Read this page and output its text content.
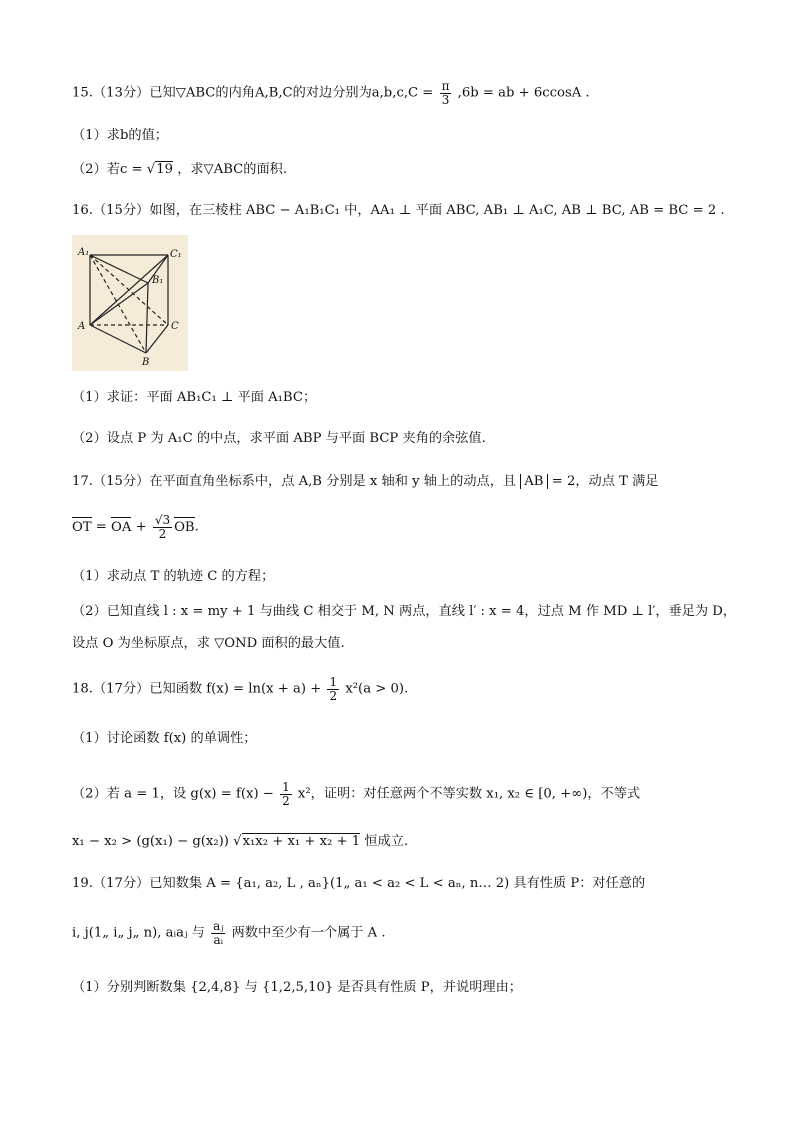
15.（13分）已知▽ABC的内角A,B,C的对边分别为$a,b,c,C = \frac{\pi}{3} ,6b$ = ab + 6ccosA .
（1）求b的值；
（2）若c = √19 ，求▽ABC的面积.
16.（15分）如图，在三棱柱 ABC − A₁B₁C₁ 中，AA₁ ⊥ 平面 ABC, AB₁ ⊥ A₁C, AB ⊥ BC, AB = BC = 2 .
A₁	C₁
B₁
A	C
B
（1）求证：平面 AB₁C₁ ⊥ 平面 A₁BC；
（2）设点 P 为 A₁C 的中点，求平面 ABP 与平面 BCP 夹角的余弦值.
17.（15分）在平面直角坐标系中，点 A,B 分别是 x 轴和 y 轴上的动点，且 AB = 2，动点 T 满足
OT = OA + $\frac{√3}{2}$ OB.
（1）求动点 T 的轨迹 C 的方程；
（2）已知直线 l : x = my + 1 与曲线 C 相交于 M, N 两点，直线 l′ : x = 4，过点 M 作 MD ⊥ l′，垂足为 D，
设点 O 为坐标原点，求 ▽OND 面积的最大值.
18.（17分）已知函数 $f(x) = \ln(x + a) + \frac{1}{2} x^2(a > 0)$.
（1）讨论函数 f(x) 的单调性；
（2）若 a = 1，设 $g(x) = f(x) - \frac{1}{2} x^2$，证明：对任意两个不等实数 x₁, x₂ ∈ [0, +∞)，不等式
x₁ − x₂ > (g(x₁) − g(x₂)) √x₁x₂ + x₁ + x₂ + 1 恒成立.
19.（17分）已知数集 A = {a₁, a₂, L , aₙ}(1„ a₁ < a₂ < L < aₙ, n… 2) 具有性质 P：对任意的
i, j(1„ i„ j„ n), aᵢaⱼ 与 $\frac{\text{aⱼ}}{\text{aᵢ}}$ 两数中至少有一个属于 A .
（1）分别判断数集 {2,4,8} 与 {1,2,5,10} 是否具有性质 P，并说明理由；
